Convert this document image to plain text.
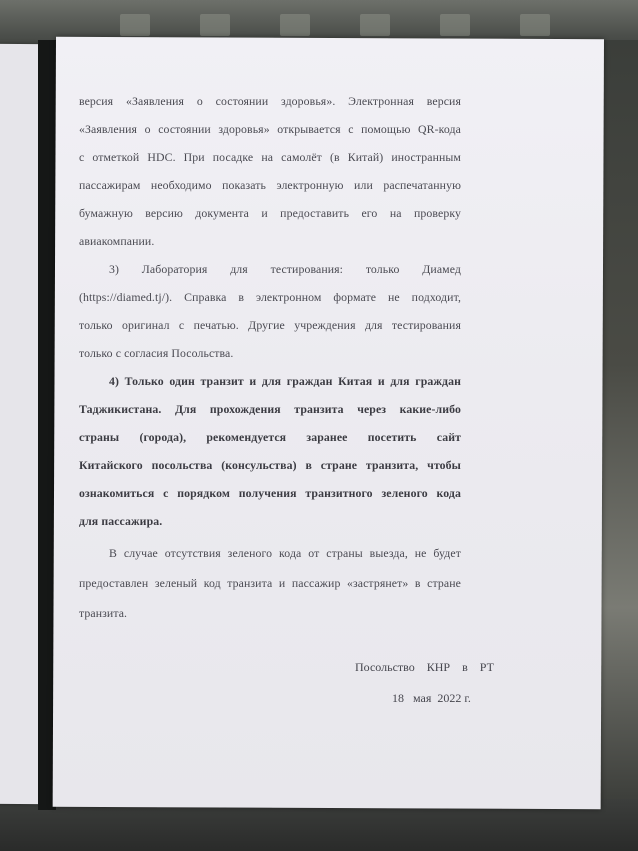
версия «Заявления о состоянии здоровья». Электронная версия
«Заявления о состоянии здоровья» открывается с помощью QR-кода
с отметкой HDC. При посадке на самолёт (в Китай) иностранным
пассажирам необходимо показать электронную или распечатанную
бумажную версию документа и предоставить его на проверку
авиакомпании.
3) Лаборатория для тестирования: только Диамед
(https://diamed.tj/). Справка в электронном формате не подходит,
только оригинал с печатью. Другие учреждения для тестирования
только с согласия Посольства.
4) Только один транзит и для граждан Китая и для граждан
Таджикистана. Для прохождения транзита через какие-либо
страны (города), рекомендуется заранее посетить сайт
Китайского посольства (консульства) в стране транзита, чтобы
ознакомиться с порядком получения транзитного зеленого кода
для пассажира.
В случае отсутствия зеленого кода от страны выезда, не будет
предоставлен зеленый код транзита и пассажир «застрянет» в стране
транзита.
Посольство    КНР    в    РТ
18   мая  2022 г.
